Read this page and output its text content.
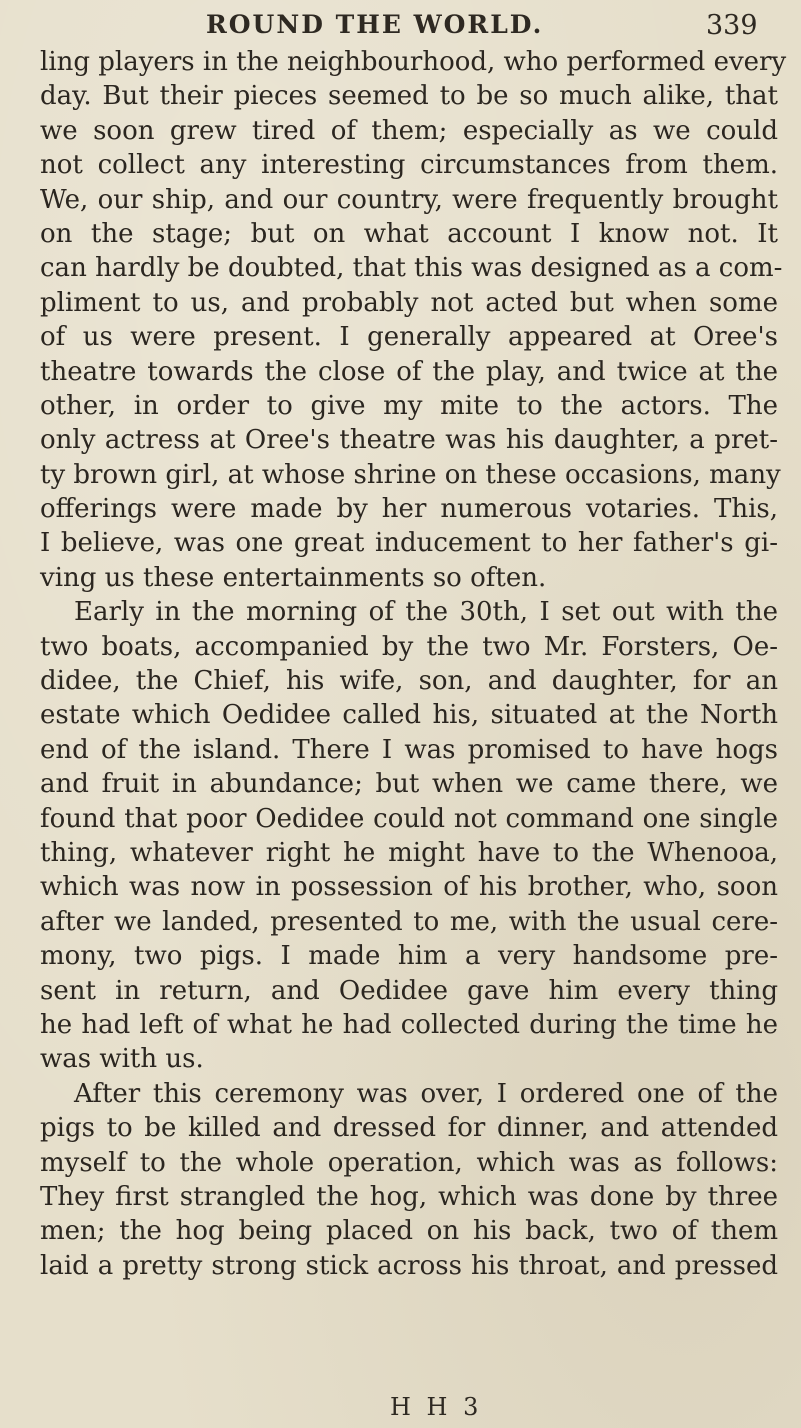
ROUND THE WORLD.	339
ling players in the neighbourhood, who performed every
day. But their pieces seemed to be so much alike, that
we soon grew tired of them; especially as we could
not collect any interesting circumstances from them.
We, our ship, and our country, were frequently brought
on the stage; but on what account I know not. It
can hardly be doubted, that this was designed as a com-
pliment to us, and probably not acted but when some
of us were present. I generally appeared at Oree's
theatre towards the close of the play, and twice at the
other, in order to give my mite to the actors. The
only actress at Oree's theatre was his daughter, a pret-
ty brown girl, at whose shrine on these occasions, many
offerings were made by her numerous votaries. This,
I believe, was one great inducement to her father's gi-
ving us these entertainments so often.
Early in the morning of the 30th, I set out with the
two boats, accompanied by the two Mr. Forsters, Oe-
didee, the Chief, his wife, son, and daughter, for an
estate which Oedidee called his, situated at the North
end of the island. There I was promised to have hogs
and fruit in abundance; but when we came there, we
found that poor Oedidee could not command one single
thing, whatever right he might have to the Whenooa,
which was now in possession of his brother, who, soon
after we landed, presented to me, with the usual cere-
mony, two pigs. I made him a very handsome pre-
sent in return, and Oedidee gave him every thing
he had left of what he had collected during the time he
was with us.
After this ceremony was over, I ordered one of the
pigs to be killed and dressed for dinner, and attended
myself to the whole operation, which was as follows:
They first strangled the hog, which was done by three
men; the hog being placed on his back, two of them
laid a pretty strong stick across his throat, and pressed
H H 3
